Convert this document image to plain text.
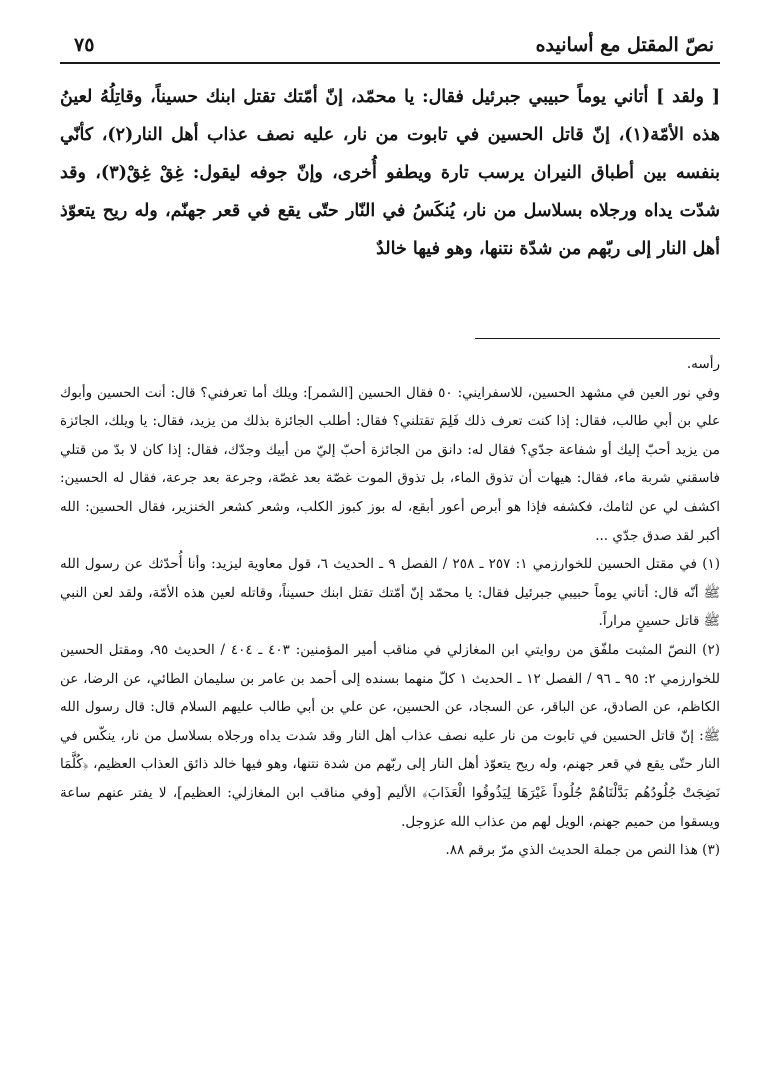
نصّ المقتل مع أسانيده
٧٥

[ ولقد ] أتاني يوماً حبيبي جبرئيل فقال: يا محمّد، إنّ أمّتك تقتل ابنك حسيناً، وقاتِلُهُ لعينُ هذه الأمّة(١)، إنّ قاتل الحسين في تابوت من نار، عليه نصف عذاب أهل النار(٢)، كأنّي بنفسه بين أطباق النيران يرسب تارة ويطفو أُخرى، وإنّ جوفه ليقول: غِقْ غِقْ(٣)، وقد شدّت يداه ورجلاه بسلاسل من نار، يُنكَسُ في النّار حتّى يقع في قعر جهنّم، وله ريح يتعوّذ أهل النار إلى ربّهم من شدّة نتنها، وهو فيها خالدٌ

رأسه.

وفي نور العين في مشهد الحسين، للاسفرايني: ٥٠ فقال الحسين [الشمر]: ويلك أما تعرفني؟ قال: أنت الحسين وأبوك علي بن أبي طالب، فقال: إذا كنت تعرف ذلك فَلِمَ تقتلني؟ فقال: أطلب الجائزة بذلك من يزيد، فقال: يا ويلك، الجائزة من يزيد أحبّ إليك أو شفاعة جدّي؟ فقال له: دانق من الجائزة أحبّ إليّ من أبيك وجدّك، فقال: إذا كان لا بدّ من قتلي فاسقني شربة ماء، فقال: هيهات أن تذوق الماء، بل تذوق الموت غصّة بعد غصّة، وجرعة بعد جرعة، فقال له الحسين: اكشف لي عن لثامك، فكشفه فإذا هو أبرص أعور أبقع، له بوز كبوز الكلب، وشعر كشعر الخنزير، فقال الحسين: الله أكبر لقد صدق جدّي ...

(١) في مقتل الحسين للخوارزمي ١: ٢٥٧ ـ ٢٥٨ / الفصل ٩ ـ الحديث ٦، قول معاوية ليزيد: وأنا أُحدّثك عن رسول الله ﷺ أنّه قال: أتاني يوماً حبيبي جبرئيل فقال: يا محمّد إنّ أمّتك تقتل ابنك حسيناً، وقاتله لعين هذه الأمّة، ولقد لعن النبي ﷺ قاتل حسينٍ مراراً.

(٢) النصّ المثبت ملفّق من روايتي ابن المغازلي في مناقب أمير المؤمنين: ٤٠٣ ـ ٤٠٤ / الحديث ٩٥، ومقتل الحسين للخوارزمي ٢: ٩٥ ـ ٩٦ / الفصل ١٢ ـ الحديث ١ كلّ منهما بسنده إلى أحمد بن عامر بن سليمان الطائي، عن الرضا، عن الكاظم، عن الصادق، عن الباقر، عن السجاد، عن الحسين، عن علي بن أبي طالب عليهم السلام قال: قال رسول الله ﷺ: إنّ قاتل الحسين في تابوت من نار عليه نصف عذاب أهل النار وقد شدت يداه ورجلاه بسلاسل من نار، ينكّس في النار حتّى يقع في قعر جهنم، وله ريح يتعوّذ أهل النار إلى ربّهم من شدة نتنها، وهو فيها خالد ذائق العذاب العظيم، ﴿كُلَّمَا نَضِجَتْ جُلُودُهُم بَدَّلْنَاهُمْ جُلُوداً غَيْرَهَا لِيَذُوقُوا الْعَذَابَ﴾ الأليم [وفي مناقب ابن المغازلي: العظيم]، لا يفتر عنهم ساعة ويسقوا من حميم جهنم، الويل لهم من عذاب الله عزوجل.

(٣) هذا النص من جملة الحديث الذي مرّ برقم ٨٨.
